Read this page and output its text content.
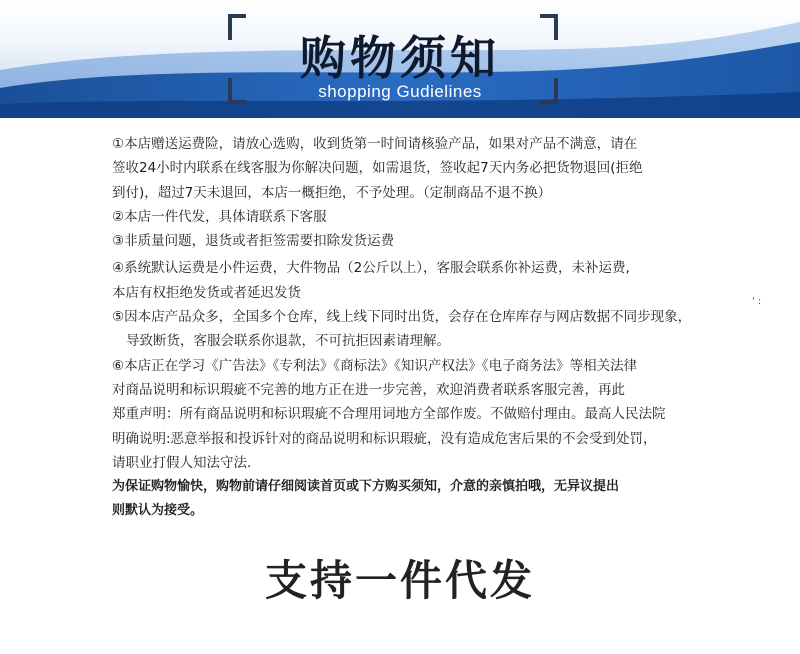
购物须知
shopping Gudielines
①本店赠送运费险，请放心选购，收到货第一时间请核验产品，如果对产品不满意，请在
签收24小时内联系在线客服为你解决问题，如需退货，签收起7天内务必把货物退回(拒绝
到付)，超过7天未退回，本店一概拒绝，不予处理。（定制商品不退不换）
②本店一件代发，具体请联系下客服
③非质量问题，退货或者拒签需要扣除发货运费
④系统默认运费是小件运费，大件物品（2公斤以上），客服会联系你补运费，未补运费,
本店有权拒绝发货或者延迟发货
⑤因本店产品众多，全国多个仓库，线上线下同时出货，会存在仓库库存与网店数据不同步现象，
导致断货，客服会联系你退款，不可抗拒因素请理解。
⑥本店正在学习《广告法》《专利法》《商标法》《知识产权法》《电子商务法》等相关法律
对商品说明和标识瑕疵不完善的地方正在进一步完善，欢迎消费者联系客服完善，再此
郑重声明：所有商品说明和标识瑕疵不合理用词地方全部作废。不做赔付理由。最高人民法院
明确说明:恶意举报和投诉针对的商品说明和标识瑕疵，没有造成危害后果的不会受到处罚，
请职业打假人知法守法.
为保证购物愉快，购物前请仔细阅读首页或下方购买须知，介意的亲慎拍哦，无异议提出
则默认为接受。
' :
支持一件代发
